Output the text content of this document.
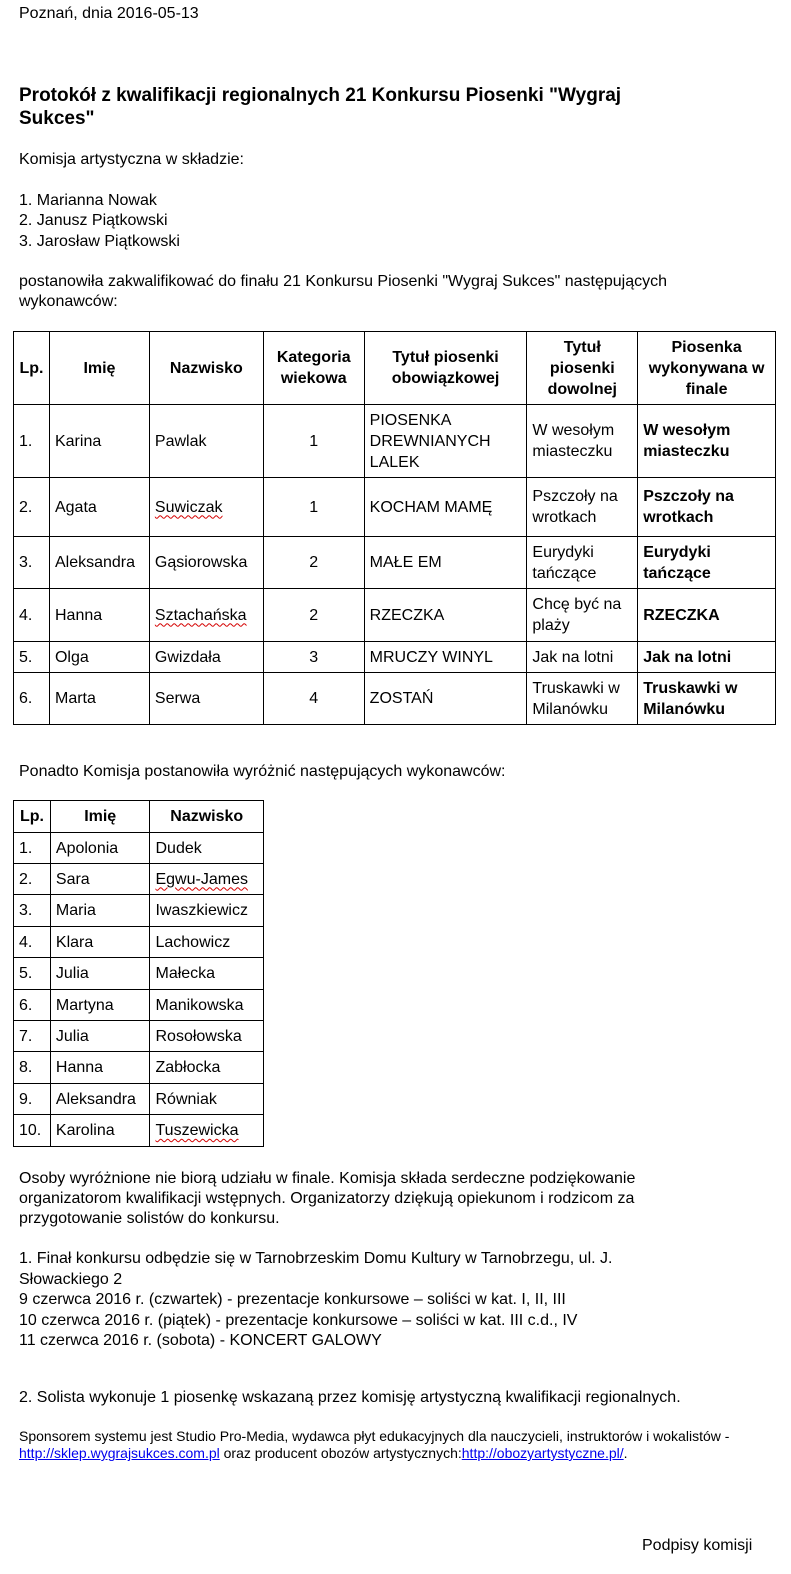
Poznań, dnia 2016-05-13
Protokół z kwalifikacji regionalnych 21 Konkursu Piosenki "Wygraj
Sukces"
Komisja artystyczna w składzie:
1. Marianna Nowak
2. Janusz Piątkowski
3. Jarosław Piątkowski
postanowiła zakwalifikować do finału 21 Konkursu Piosenki "Wygraj Sukces" następujących
wykonawców:
Lp.	Imię	Nazwisko	Kategoria wiekowa	Tytuł piosenki obowiązkowej	Tytuł piosenki dowolnej	Piosenka wykonywana w finale
1.	Karina	Pawlak	1	PIOSENKA DREWNIANYCH LALEK	W wesołym miasteczku	W wesołym miasteczku
2.	Agata	Suwiczak	1	KOCHAM MAMĘ	Pszczoły na wrotkach	Pszczoły na wrotkach
3.	Aleksandra	Gąsiorowska	2	MAŁE EM	Eurydyki tańczące	Eurydyki tańczące
4.	Hanna	Sztachańska	2	RZECZKA	Chcę być na plaży	RZECZKA
5.	Olga	Gwizdała	3	MRUCZY WINYL	Jak na lotni	Jak na lotni
6.	Marta	Serwa	4	ZOSTAŃ	Truskawki w Milanówku	Truskawki w Milanówku
Ponadto Komisja postanowiła wyróżnić następujących wykonawców:
Lp.	Imię	Nazwisko
1.	Apolonia	Dudek
2.	Sara	Egwu-James
3.	Maria	Iwaszkiewicz
4.	Klara	Lachowicz
5.	Julia	Małecka
6.	Martyna	Manikowska
7.	Julia	Rosołowska
8.	Hanna	Zabłocka
9.	Aleksandra	Równiak
10.	Karolina	Tuszewicka
Osoby wyróżnione nie biorą udziału w finale. Komisja składa serdeczne podziękowanie
organizatorom kwalifikacji wstępnych. Organizatorzy dziękują opiekunom i rodzicom za
przygotowanie solistów do konkursu.
1. Finał konkursu odbędzie się w Tarnobrzeskim Domu Kultury w Tarnobrzegu, ul. J.
Słowackiego 2
9 czerwca 2016 r. (czwartek) - prezentacje konkursowe – soliści w kat. I, II, III
10 czerwca 2016 r. (piątek) - prezentacje konkursowe – soliści w kat. III c.d., IV
11 czerwca 2016 r. (sobota) - KONCERT GALOWY
2. Solista wykonuje 1 piosenkę wskazaną przez komisję artystyczną kwalifikacji regionalnych.
Sponsorem systemu jest Studio Pro-Media, wydawca płyt edukacyjnych dla nauczycieli, instruktorów i wokalistów -
http://sklep.wygrajsukces.com.pl oraz producent obozów artystycznych:http://obozyartystyczne.pl/.
Podpisy komisji
